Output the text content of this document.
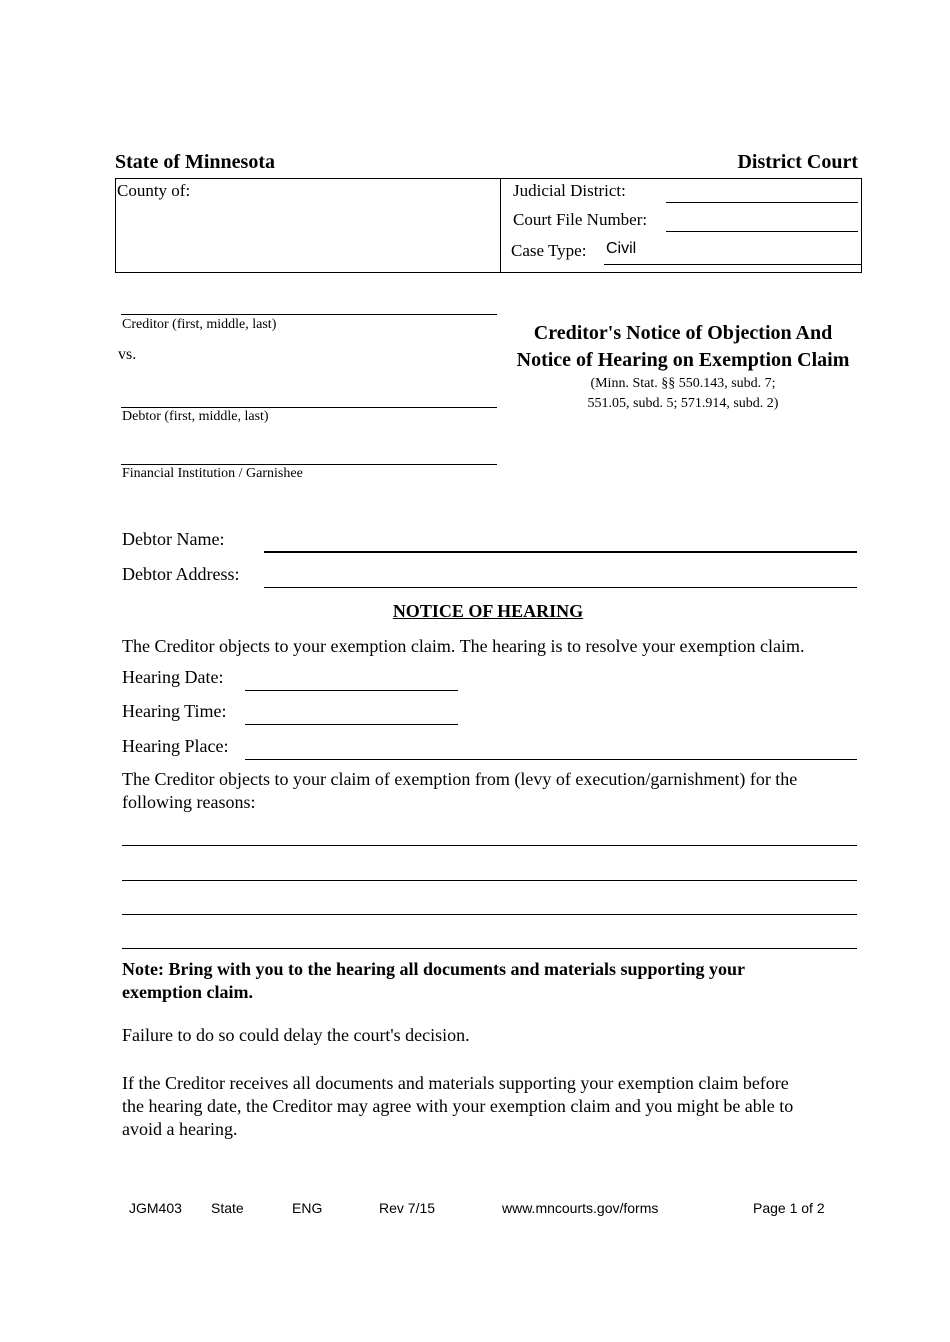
State of Minnesota	District Court
County of:	Judicial District:
Court File Number:
Case Type: Civil
Creditor (first, middle, last)
vs.
Debtor (first, middle, last)
Financial Institution / Garnishee
Creditor's Notice of Objection And
Notice of Hearing on Exemption Claim
(Minn. Stat. §§ 550.143, subd. 7;
551.05, subd. 5; 571.914, subd. 2)
Debtor Name:
Debtor Address:
NOTICE OF HEARING
The Creditor objects to your exemption claim. The hearing is to resolve your exemption claim.
Hearing Date:
Hearing Time:
Hearing Place:
The Creditor objects to your claim of exemption from (levy of execution/garnishment) for the
following reasons:
Note: Bring with you to the hearing all documents and materials supporting your
exemption claim.
Failure to do so could delay the court's decision.
If the Creditor receives all documents and materials supporting your exemption claim before
the hearing date, the Creditor may agree with your exemption claim and you might be able to
avoid a hearing.
JGM403 State	ENG	Rev 7/15	www.mncourts.gov/forms	Page 1 of 2
